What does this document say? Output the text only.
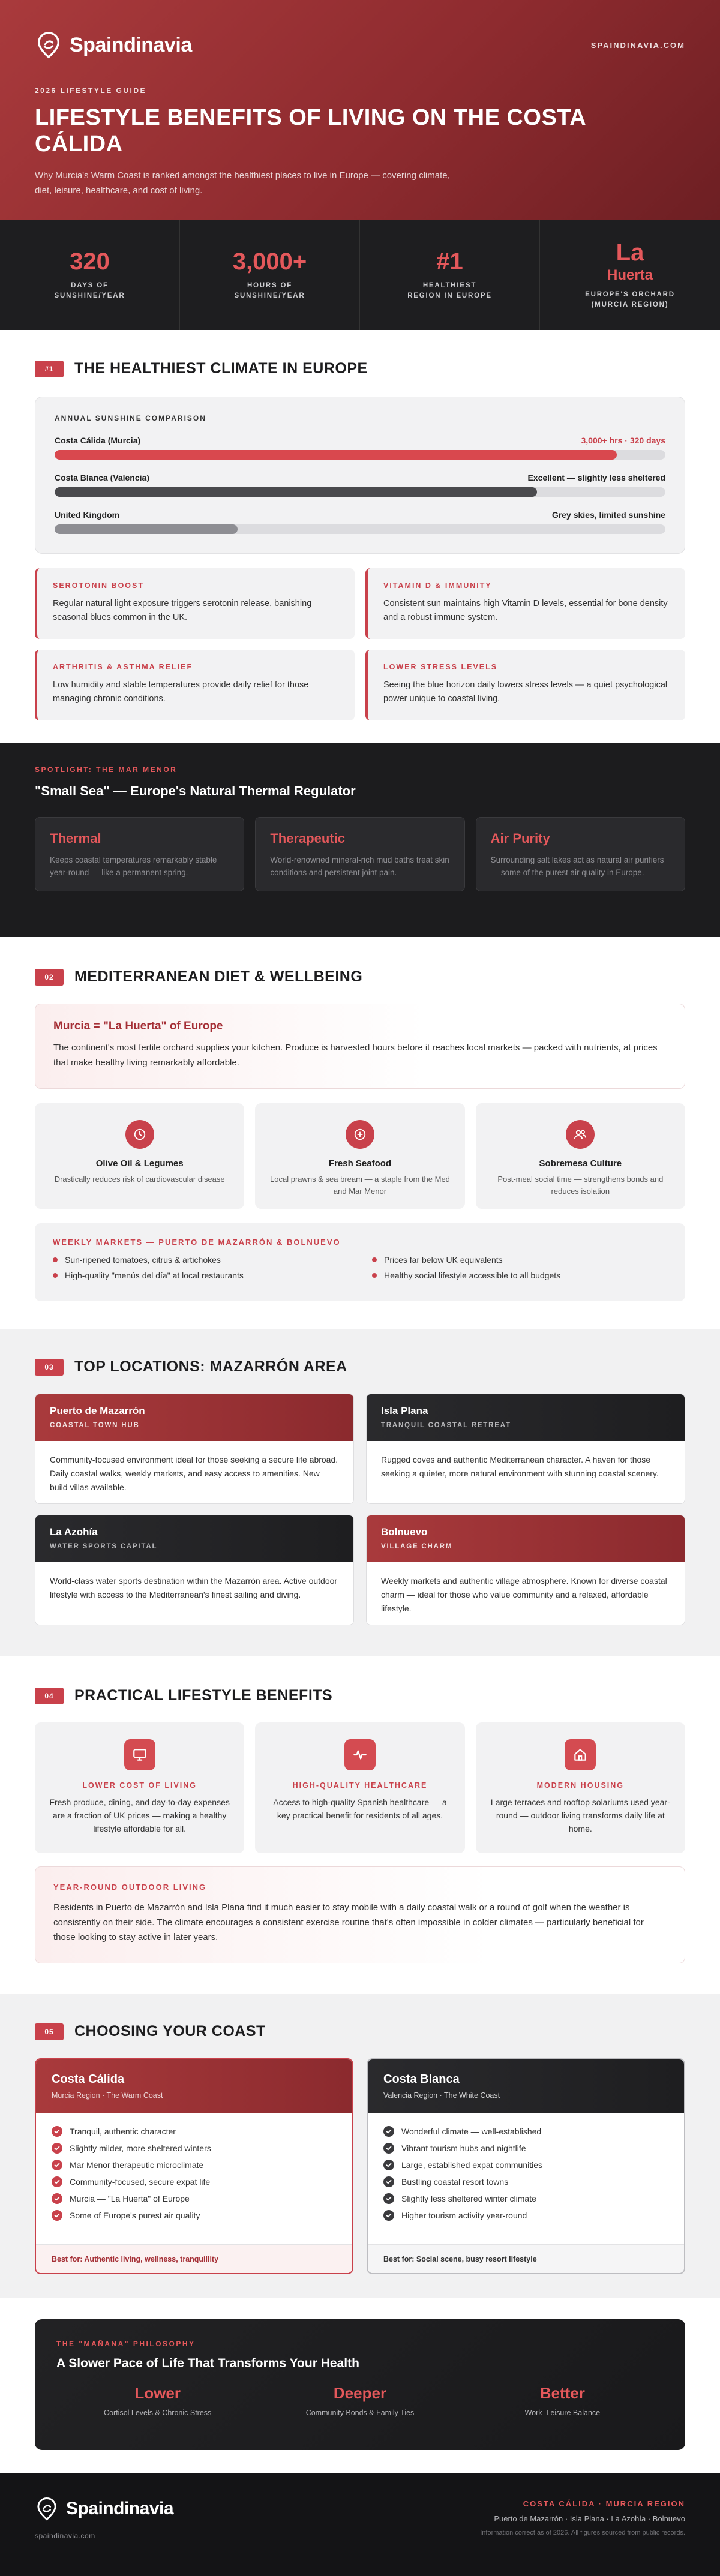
Spaindinavia	SPAINDINAVIA.COM
2026 LIFESTYLE GUIDE
LIFESTYLE BENEFITS OF LIVING ON THE COSTA CÁLIDA

Why Murcia's Warm Coast is ranked amongst the healthiest places to live in Europe — covering climate, diet, leisure, healthcare, and cost of living.

320
DAYS OF
SUNSHINE/YEAR
3,000+
HOURS OF
SUNSHINE/YEAR
#1
HEALTHIEST
REGION IN EUROPE
La
Huerta
EUROPE'S ORCHARD
(MURCIA REGION)
#1	THE HEALTHIEST CLIMATE IN EUROPE
ANNUAL SUNSHINE COMPARISON
Costa Cálida (Murcia)	3,000+ hrs · 320 days
Costa Blanca (Valencia)	Excellent — slightly less sheltered
United Kingdom	Grey skies, limited sunshine
SEROTONIN BOOST
Regular natural light exposure triggers serotonin release, banishing seasonal blues common in the UK.
VITAMIN D & IMMUNITY
Consistent sun maintains high Vitamin D levels, essential for bone density and a robust immune system.
ARTHRITIS & ASTHMA RELIEF
Low humidity and stable temperatures provide daily relief for those managing chronic conditions.
LOWER STRESS LEVELS
Seeing the blue horizon daily lowers stress levels — a quiet psychological power unique to coastal living.
SPOTLIGHT: THE MAR MENOR
"Small Sea" — Europe's Natural Thermal Regulator
Thermal
Keeps coastal temperatures remarkably stable year-round — like a permanent spring.
Therapeutic
World-renowned mineral-rich mud baths treat skin conditions and persistent joint pain.
Air Purity
Surrounding salt lakes act as natural air purifiers — some of the purest air quality in Europe.
02	MEDITERRANEAN DIET & WELLBEING
Murcia = "La Huerta" of Europe
The continent's most fertile orchard supplies your kitchen. Produce is harvested hours before it reaches local markets — packed with nutrients, at prices that make healthy living remarkably affordable.
Olive Oil & Legumes
Drastically reduces risk of cardiovascular disease
Fresh Seafood
Local prawns & sea bream — a staple from the Med and Mar Menor
Sobremesa Culture
Post-meal social time — strengthens bonds and reduces isolation
WEEKLY MARKETS — PUERTO DE MAZARRÓN & BOLNUEVO
Sun-ripened tomatoes, citrus & artichokes	Prices far below UK equivalents
High-quality "menús del día" at local restaurants	Healthy social lifestyle accessible to all budgets
03	TOP LOCATIONS: MAZARRÓN AREA
Puerto de Mazarrón
COASTAL TOWN HUB
Community-focused environment ideal for those seeking a secure life abroad. Daily coastal walks, weekly markets, and easy access to amenities. New build villas available.
Isla Plana
TRANQUIL COASTAL RETREAT
Rugged coves and authentic Mediterranean character. A haven for those seeking a quieter, more natural environment with stunning coastal scenery.
La Azohía
WATER SPORTS CAPITAL
World-class water sports destination within the Mazarrón area. Active outdoor lifestyle with access to the Mediterranean's finest sailing and diving.
Bolnuevo
VILLAGE CHARM
Weekly markets and authentic village atmosphere. Known for diverse coastal charm — ideal for those who value community and a relaxed, affordable lifestyle.
04	PRACTICAL LIFESTYLE BENEFITS
LOWER COST OF LIVING
Fresh produce, dining, and day-to-day expenses are a fraction of UK prices — making a healthy lifestyle affordable for all.
HIGH-QUALITY HEALTHCARE
Access to high-quality Spanish healthcare — a key practical benefit for residents of all ages.
MODERN HOUSING
Large terraces and rooftop solariums used year-round — outdoor living transforms daily life at home.
YEAR-ROUND OUTDOOR LIVING
Residents in Puerto de Mazarrón and Isla Plana find it much easier to stay mobile with a daily coastal walk or a round of golf when the weather is consistently on their side. The climate encourages a consistent exercise routine that's often impossible in colder climates — particularly beneficial for those looking to stay active in later years.
05	CHOOSING YOUR COAST
Costa Cálida
Murcia Region · The Warm Coast
Tranquil, authentic character
Slightly milder, more sheltered winters
Mar Menor therapeutic microclimate
Community-focused, secure expat life
Murcia — "La Huerta" of Europe
Some of Europe's purest air quality
Best for: Authentic living, wellness, tranquillity
Costa Blanca
Valencia Region · The White Coast
Wonderful climate — well-established
Vibrant tourism hubs and nightlife
Large, established expat communities
Bustling coastal resort towns
Slightly less sheltered winter climate
Higher tourism activity year-round
Best for: Social scene, busy resort lifestyle
THE "MAÑANA" PHILOSOPHY
A Slower Pace of Life That Transforms Your Health
Lower
Cortisol Levels & Chronic Stress
Deeper
Community Bonds & Family Ties
Better
Work–Leisure Balance
Spaindinavia
spaindinavia.com
COSTA CÁLIDA · MURCIA REGION
Puerto de Mazarrón · Isla Plana · La Azohía · Bolnuevo
Information correct as of 2026. All figures sourced from public records.
